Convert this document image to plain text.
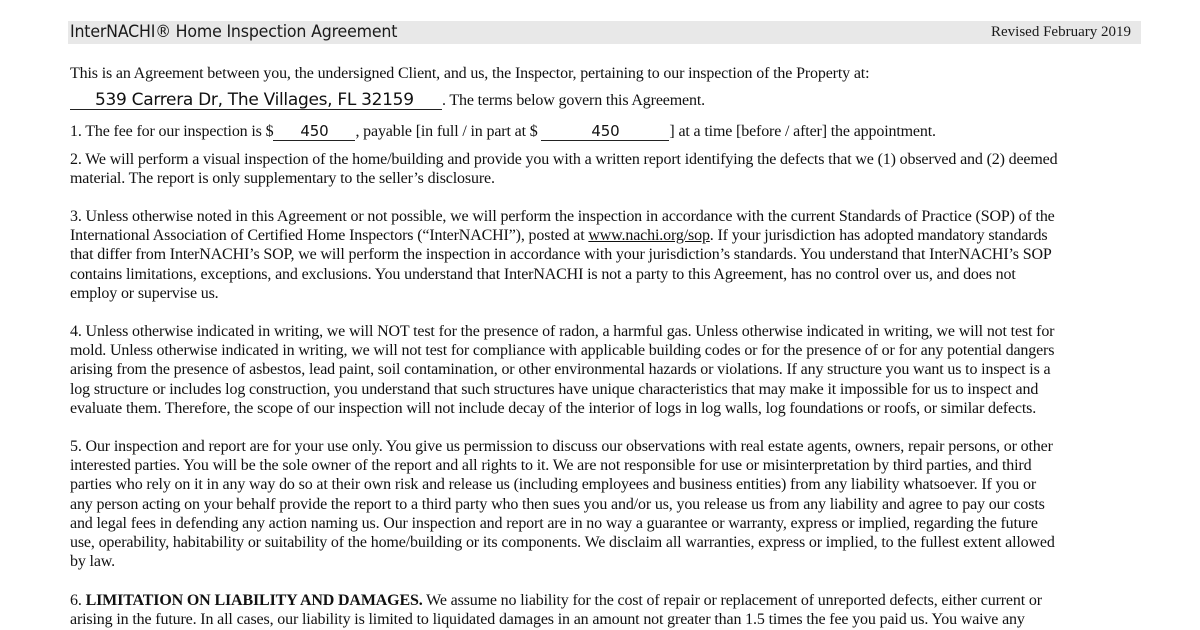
InterNACHI® Home Inspection Agreement	Revised February 2019
This is an Agreement between you, the undersigned Client, and us, the Inspector, pertaining to our inspection of the Property at:
539 Carrera Dr, The Villages, FL 32159 . The terms below govern this Agreement.
1. The fee for our inspection is $ 450 , payable [in full / in part at $	450	] at a time [before / after] the appointment.
2. We will perform a visual inspection of the home/building and provide you with a written report identifying the defects that we (1) observed and (2) deemed
material. The report is only supplementary to the seller’s disclosure.
3. Unless otherwise noted in this Agreement or not possible, we will perform the inspection in accordance with the current Standards of Practice (SOP) of the
International Association of Certified Home Inspectors (“InterNACHI”), posted at www.nachi.org/sop. If your jurisdiction has adopted mandatory standards
that differ from InterNACHI’s SOP, we will perform the inspection in accordance with your jurisdiction’s standards. You understand that InterNACHI’s SOP
contains limitations, exceptions, and exclusions. You understand that InterNACHI is not a party to this Agreement, has no control over us, and does not
employ or supervise us.
4. Unless otherwise indicated in writing, we will NOT test for the presence of radon, a harmful gas. Unless otherwise indicated in writing, we will not test for
mold. Unless otherwise indicated in writing, we will not test for compliance with applicable building codes or for the presence of or for any potential dangers
arising from the presence of asbestos, lead paint, soil contamination, or other environmental hazards or violations. If any structure you want us to inspect is a
log structure or includes log construction, you understand that such structures have unique characteristics that may make it impossible for us to inspect and
evaluate them. Therefore, the scope of our inspection will not include decay of the interior of logs in log walls, log foundations or roofs, or similar defects.
5. Our inspection and report are for your use only. You give us permission to discuss our observations with real estate agents, owners, repair persons, or other
interested parties. You will be the sole owner of the report and all rights to it. We are not responsible for use or misinterpretation by third parties, and third
parties who rely on it in any way do so at their own risk and release us (including employees and business entities) from any liability whatsoever. If you or
any person acting on your behalf provide the report to a third party who then sues you and/or us, you release us from any liability and agree to pay our costs
and legal fees in defending any action naming us. Our inspection and report are in no way a guarantee or warranty, express or implied, regarding the future
use, operability, habitability or suitability of the home/building or its components. We disclaim all warranties, express or implied, to the fullest extent allowed
by law.
6. LIMITATION ON LIABILITY AND DAMAGES. We assume no liability for the cost of repair or replacement of unreported defects, either current or
arising in the future. In all cases, our liability is limited to liquidated damages in an amount not greater than 1.5 times the fee you paid us. You waive any
